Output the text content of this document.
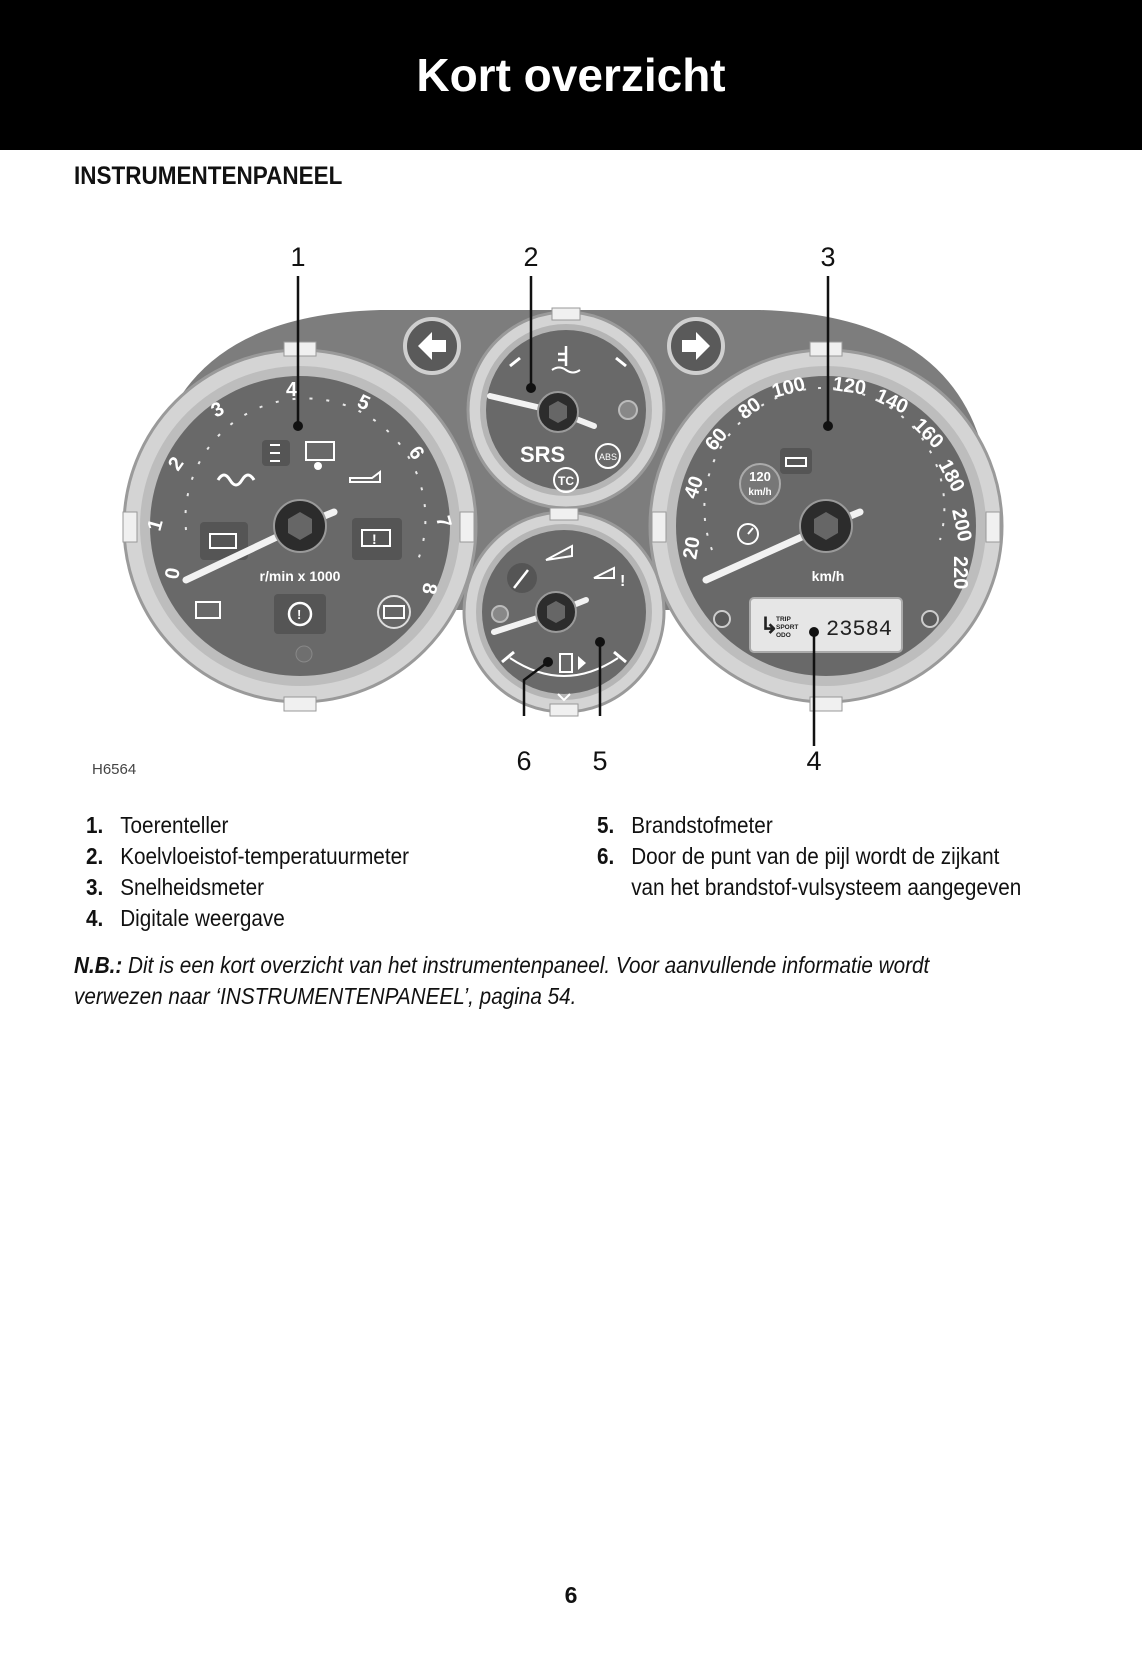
Kort overzicht
INSTRUMENTENPANEEL
0
1
2
3
4
5
6
7
8
!
!
r/min x 1000
SRS	ABS
TC
!
20
40
60
80
100 120 140
160
180
200
220
120
km/h
km/h
↳
TRIP
SPORT
ODO 23584
1	2	3
4
5
6
H6564
1. Toerenteller
2. Koelvloeistof-temperatuurmeter
3. Snelheidsmeter
4. Digitale weergave
5. Brandstofmeter
6. Door de punt van de pijl wordt de zijkant
van het brandstof-vulsysteem aangegeven
N.B.: Dit is een kort overzicht van het instrumentenpaneel. Voor aanvullende informatie wordt
verwezen naar ‘INSTRUMENTENPANEEL’, pagina 54.
6
